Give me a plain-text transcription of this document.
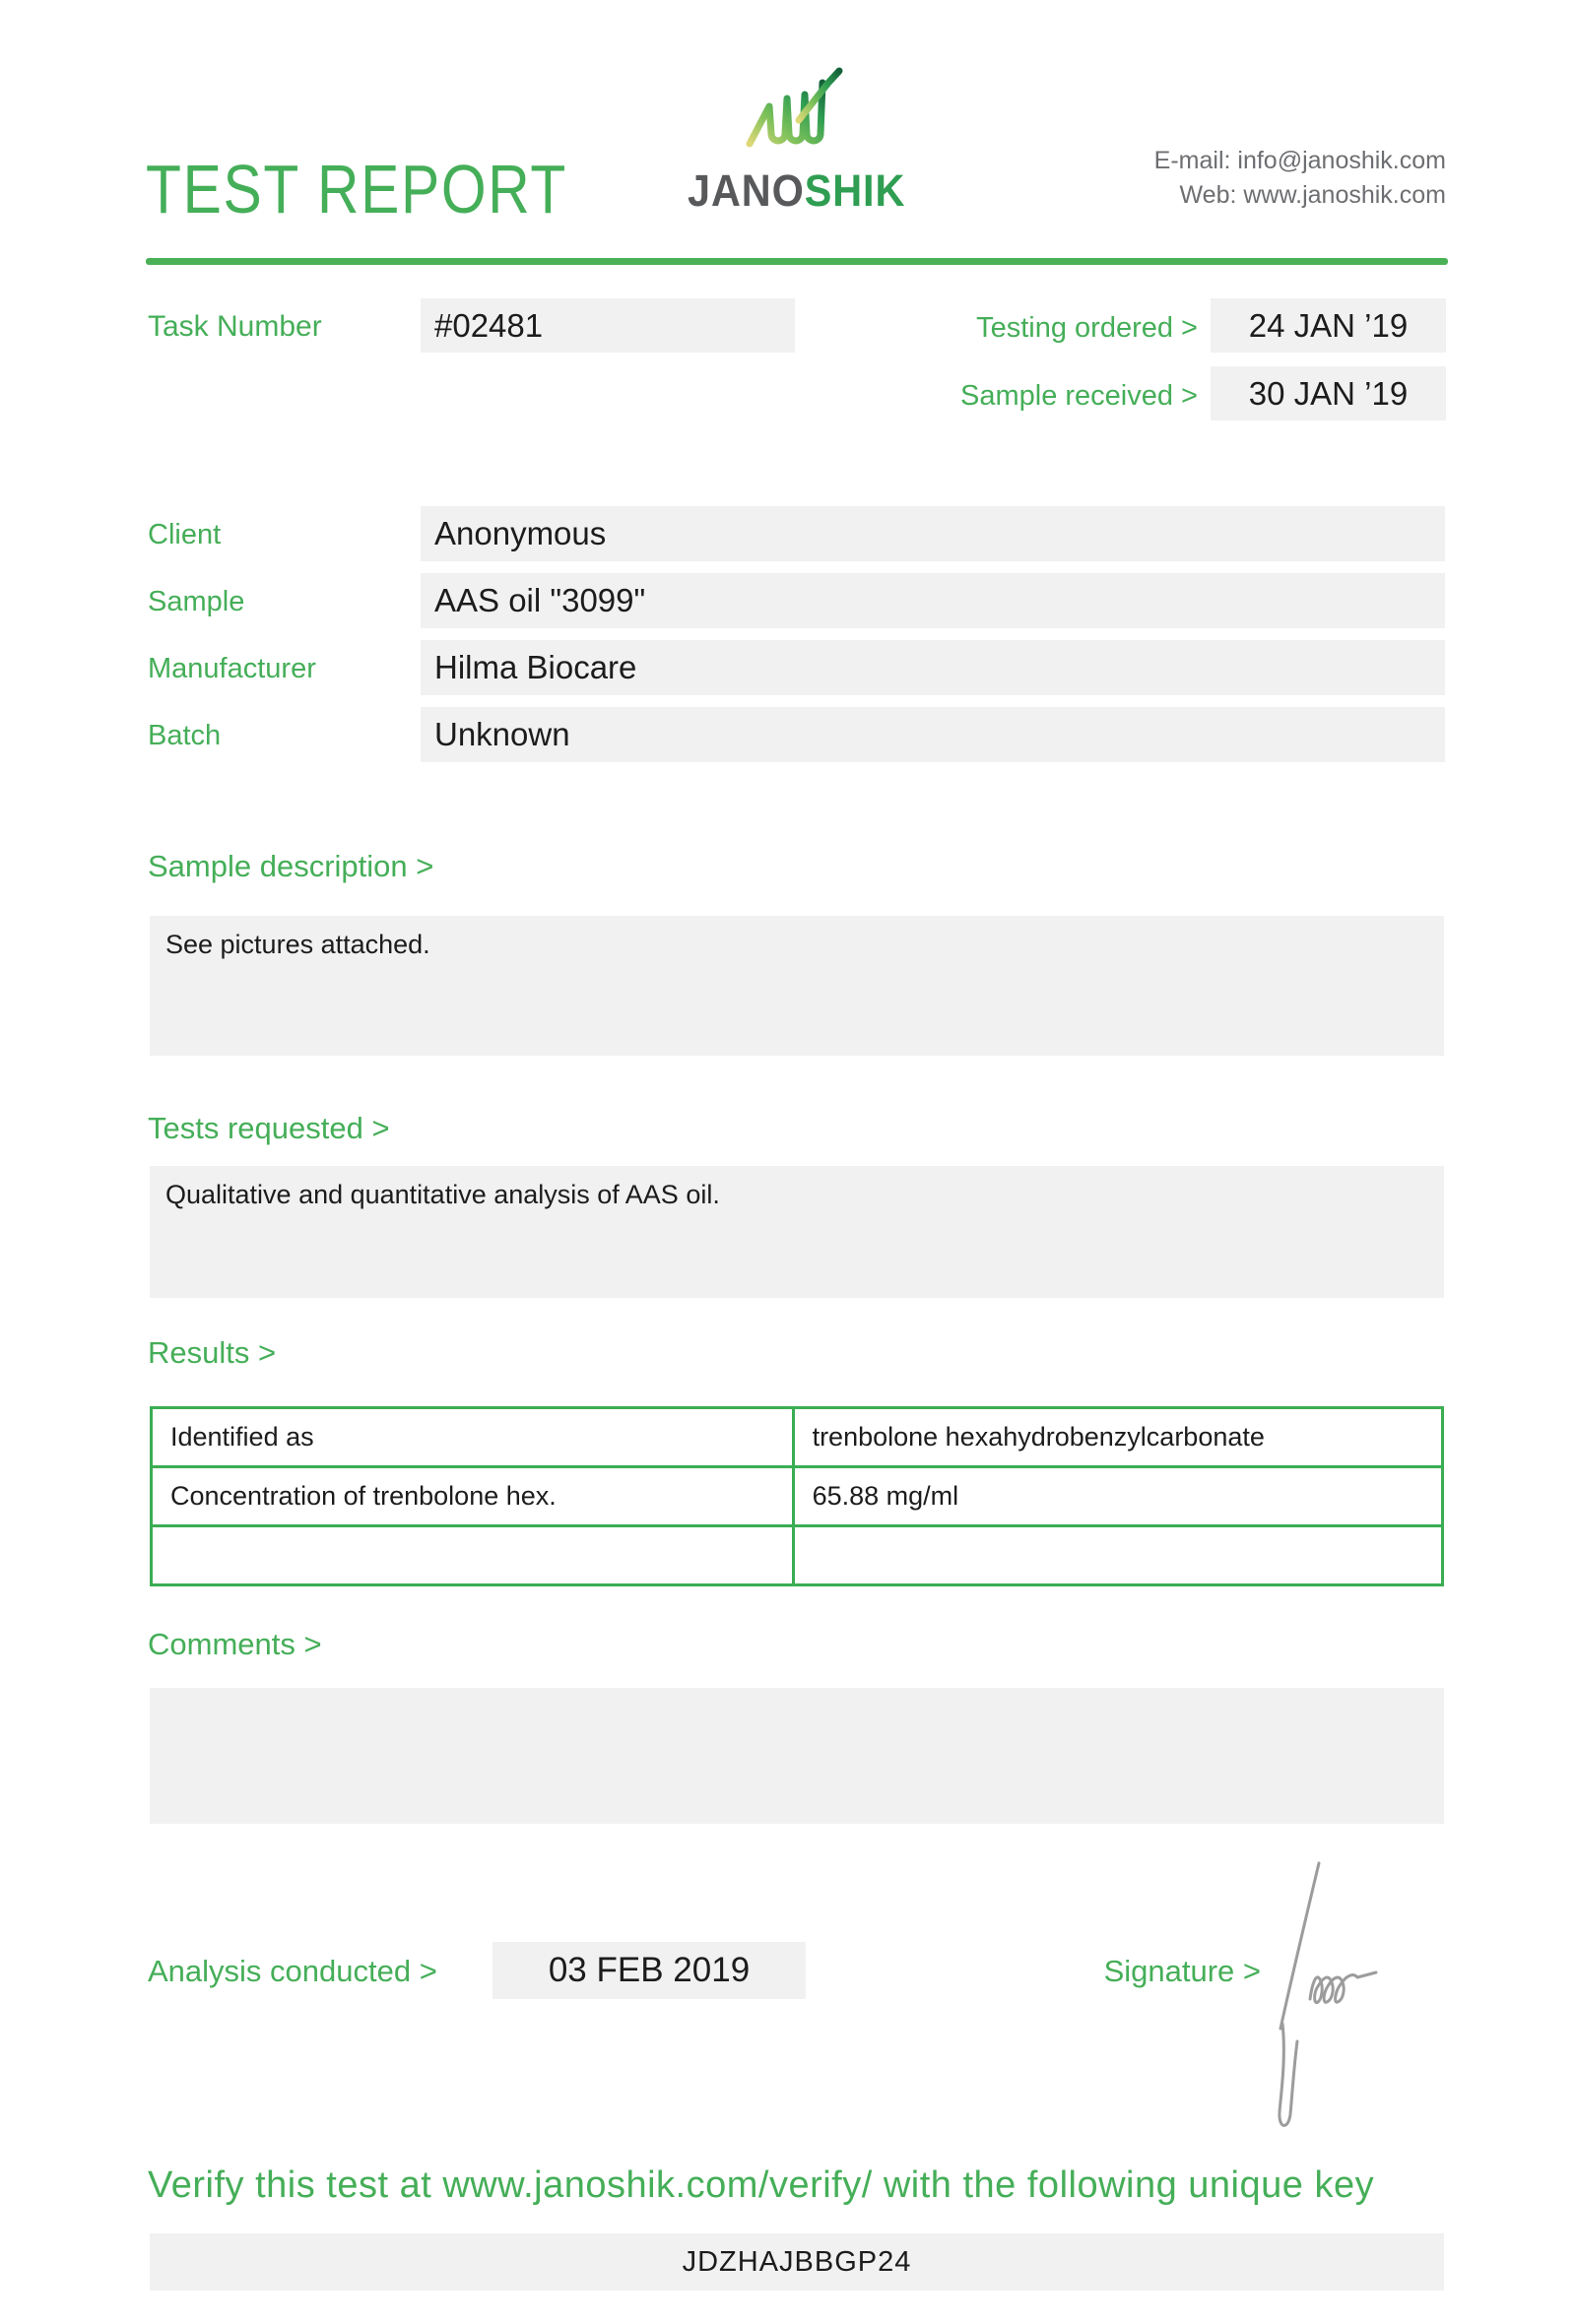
TEST REPORT	JANOSHIK
E-mail: info@janoshik.com
Web: www.janoshik.com
Task Number	#02481	Testing ordered >	24 JAN ’19
Sample received >	30 JAN ’19
Client	Anonymous
Sample	AAS oil "3099"
Manufacturer	Hilma Biocare
Batch	Unknown
Sample description >
See pictures attached.
Tests requested >
Qualitative and quantitative analysis of AAS oil.
Results >
Identified as	trenbolone hexahydrobenzylcarbonate
Concentration of trenbolone hex.	65.88 mg/ml

Comments >
Analysis conducted >	03 FEB 2019	Signature >
Verify this test at www.janoshik.com/verify/ with the following unique key
JDZHAJBBGP24
